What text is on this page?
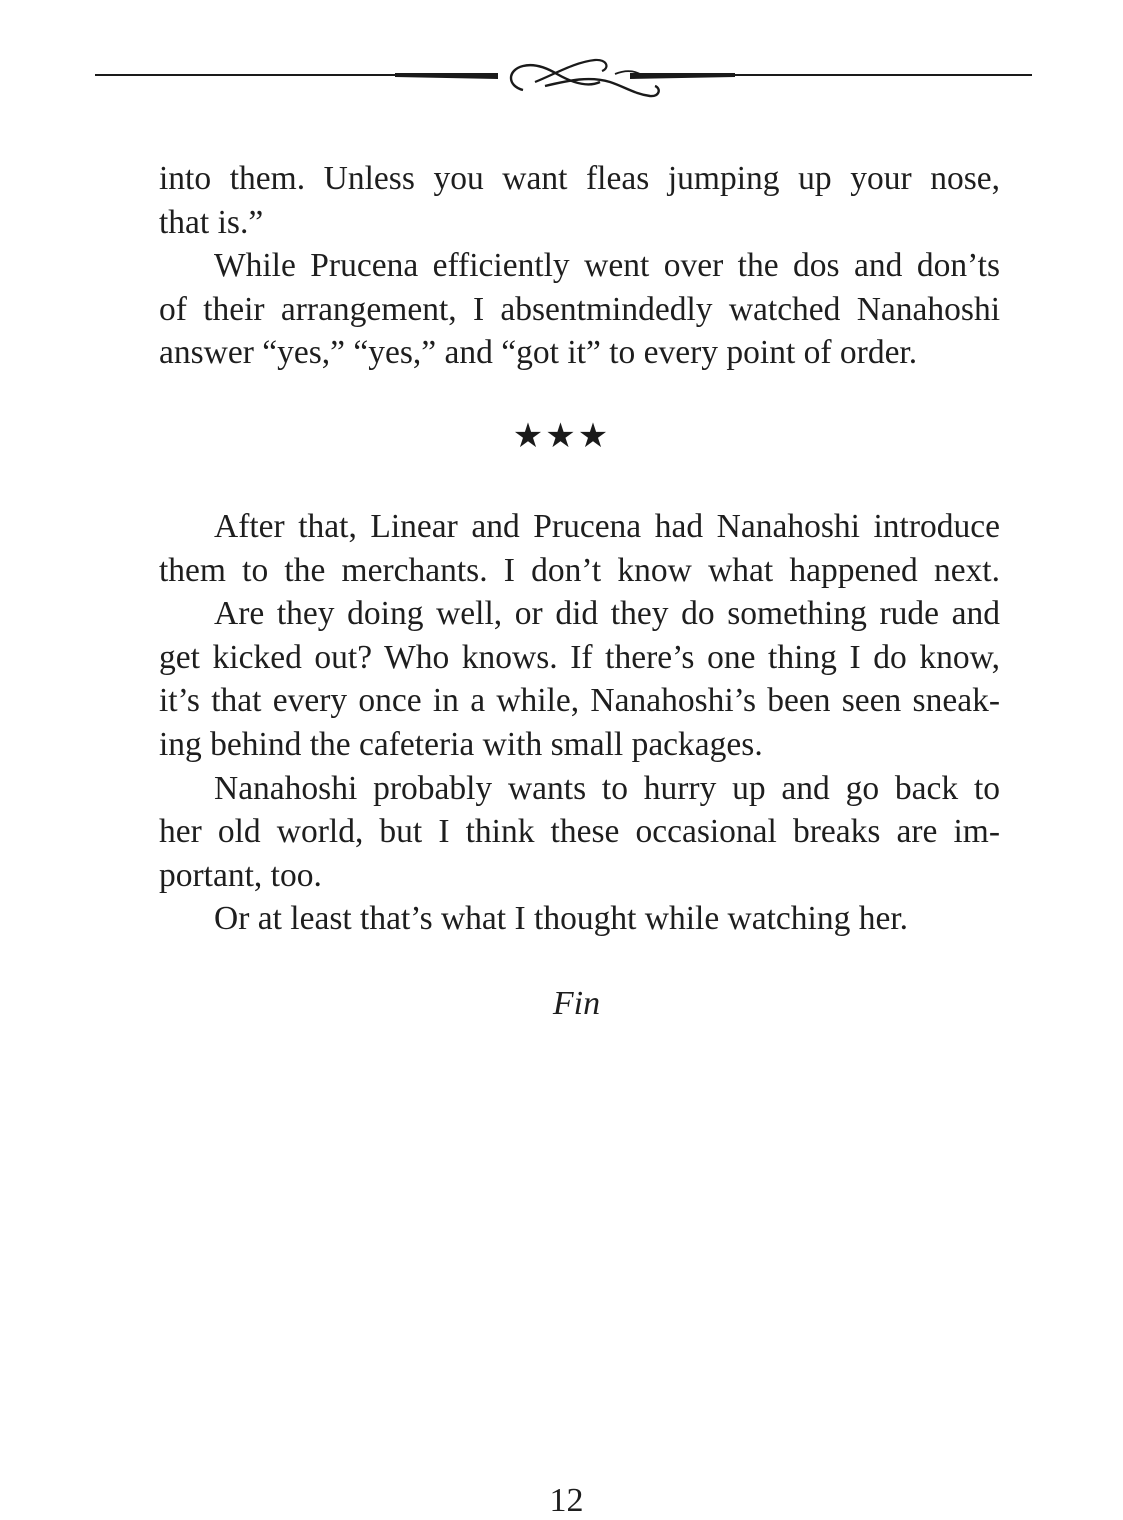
into them. Unless you want fleas jumping up your nose,
that is.”
While Prucena efficiently went over the dos and don’ts
of their arrangement, I absentmindedly watched Nanahoshi
answer “yes,” “yes,” and “got it” to every point of order.
★★★
After that, Linear and Prucena had Nanahoshi introduce
them to the merchants. I don’t know what happened next.
Are they doing well, or did they do something rude and
get kicked out? Who knows. If there’s one thing I do know,
it’s that every once in a while, Nanahoshi’s been seen sneak-
ing behind the cafeteria with small packages.
Nanahoshi probably wants to hurry up and go back to
her old world, but I think these occasional breaks are im-
portant, too.
Or at least that’s what I thought while watching her.
Fin
12
